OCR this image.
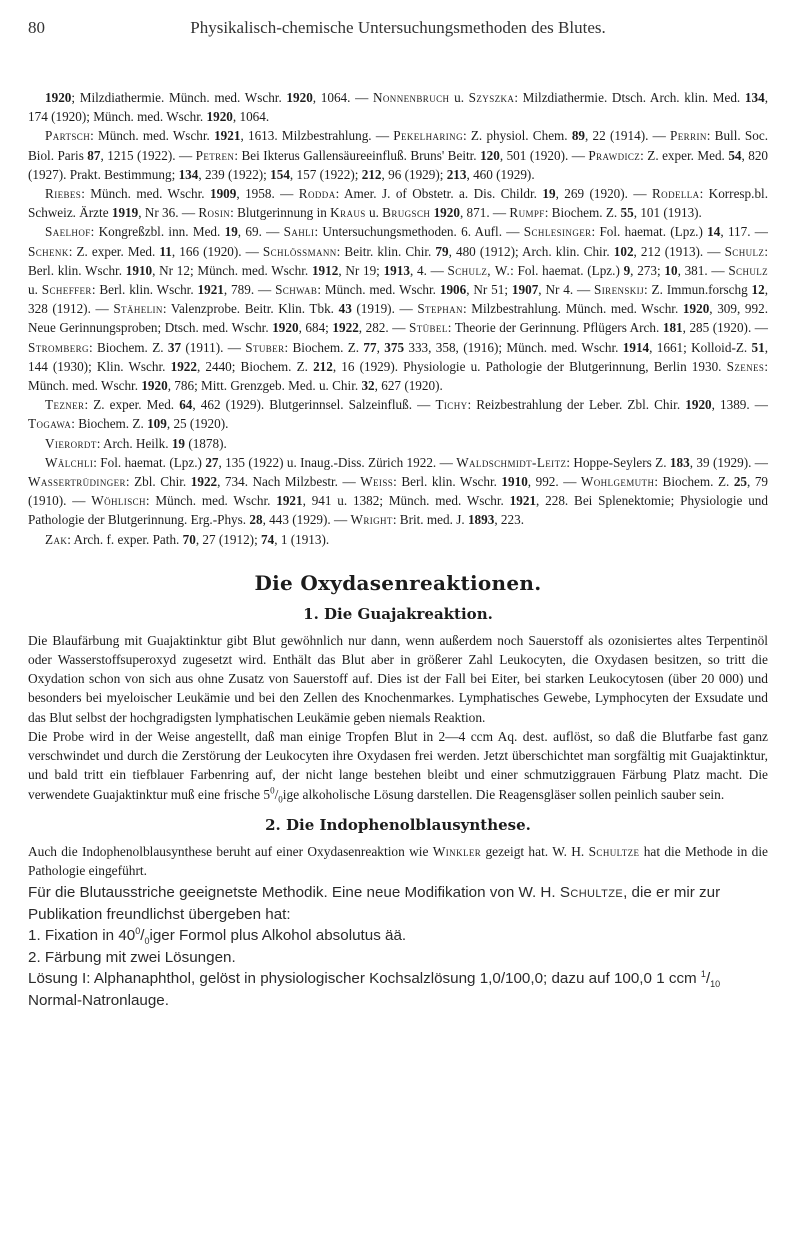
80	Physikalisch-chemische Untersuchungsmethoden des Blutes.

1920; Milzdiathermie. Münch. med. Wschr. 1920, 1064. — Nonnenbruch u. Szyszka: Milzdiathermie. Dtsch. Arch. klin. Med. 134, 174 (1920); Münch. med. Wschr. 1920, 1064.

Partsch: Münch. med. Wschr. 1921, 1613. Milzbestrahlung. — Pekelharing: Z. physiol. Chem. 89, 22 (1914). — Perrin: Bull. Soc. Biol. Paris 87, 1215 (1922). — Petren: Bei Ikterus Gallensäureeinfluß. Bruns' Beitr. 120, 501 (1920). — Prawdicz: Z. exper. Med. 54, 820 (1927). Prakt. Bestimmung; 134, 239 (1922); 154, 157 (1922); 212, 96 (1929); 213, 460 (1929).

Riebes: Münch. med. Wschr. 1909, 1958. — Rodda: Amer. J. of Obstetr. a. Dis. Childr. 19, 269 (1920). — Rodella: Korresp.bl. Schweiz. Ärzte 1919, Nr 36. — Rosin: Blutgerinnung in Kraus u. Brugsch 1920, 871. — Rumpf: Biochem. Z. 55, 101 (1913).

Saelhof: Kongreßzbl. inn. Med. 19, 69. — Sahli: Untersuchungsmethoden. 6. Aufl. — Schlesinger: Fol. haemat. (Lpz.) 14, 117. — Schenk: Z. exper. Med. 11, 166 (1920). — Schlössmann: Beitr. klin. Chir. 79, 480 (1912); Arch. klin. Chir. 102, 212 (1913). — Schulz: Berl. klin. Wschr. 1910, Nr 12; Münch. med. Wschr. 1912, Nr 19; 1913, 4. — Schulz, W.: Fol. haemat. (Lpz.) 9, 273; 10, 381. — Schulz u. Scheffer: Berl. klin. Wschr. 1921, 789. — Schwab: Münch. med. Wschr. 1906, Nr 51; 1907, Nr 4. — Sirenskij: Z. Immun.forschg 12, 328 (1912). — Stähelin: Valenzprobe. Beitr. Klin. Tbk. 43 (1919). — Stephan: Milzbestrahlung. Münch. med. Wschr. 1920, 309, 992. Neue Gerinnungsproben; Dtsch. med. Wschr. 1920, 684; 1922, 282. — Stübel: Theorie der Gerinnung. Pflügers Arch. 181, 285 (1920). — Stromberg: Biochem. Z. 37 (1911). — Stuber: Biochem. Z. 77, 375 333, 358, (1916); Münch. med. Wschr. 1914, 1661; Kolloid-Z. 51, 144 (1930); Klin. Wschr. 1922, 2440; Biochem. Z. 212, 16 (1929). Physiologie u. Pathologie der Blutgerinnung, Berlin 1930. Szenes: Münch. med. Wschr. 1920, 786; Mitt. Grenzgeb. Med. u. Chir. 32, 627 (1920).

Tezner: Z. exper. Med. 64, 462 (1929). Blutgerinnsel. Salzeinfluß. — Tichy: Reizbestrahlung der Leber. Zbl. Chir. 1920, 1389. — Togawa: Biochem. Z. 109, 25 (1920).

Vierordt: Arch. Heilk. 19 (1878).

Wälchli: Fol. haemat. (Lpz.) 27, 135 (1922) u. Inaug.-Diss. Zürich 1922. — Waldschmidt-Leitz: Hoppe-Seylers Z. 183, 39 (1929). — Wassertrüdinger: Zbl. Chir. 1922, 734. Nach Milzbestr. — Weiss: Berl. klin. Wschr. 1910, 992. — Wohlgemuth: Biochem. Z. 25, 79 (1910). — Wöhlisch: Münch. med. Wschr. 1921, 941 u. 1382; Münch. med. Wschr. 1921, 228. Bei Splenektomie; Physiologie und Pathologie der Blutgerinnung. Erg.-Phys. 28, 443 (1929). — Wright: Brit. med. J. 1893, 223.

Zak: Arch. f. exper. Path. 70, 27 (1912); 74, 1 (1913).

Die Oxydasenreaktionen.
1. Die Guajakreaktion.

Die Blaufärbung mit Guajaktinktur gibt Blut gewöhnlich nur dann, wenn außerdem noch Sauerstoff als ozonisiertes altes Terpentinöl oder Wasserstoffsuperoxyd zugesetzt wird. Enthält das Blut aber in größerer Zahl Leukocyten, die Oxydasen besitzen, so tritt die Oxydation schon von sich aus ohne Zusatz von Sauerstoff auf. Dies ist der Fall bei Eiter, bei starken Leukocytosen (über 20 000) und besonders bei myeloischer Leukämie und bei den Zellen des Knochenmarkes. Lymphatisches Gewebe, Lymphocyten der Exsudate und das Blut selbst der hochgradigsten lymphatischen Leukämie geben niemals Reaktion.

Die Probe wird in der Weise angestellt, daß man einige Tropfen Blut in 2—4 ccm Aq. dest. auflöst, so daß die Blutfarbe fast ganz verschwindet und durch die Zerstörung der Leukocyten ihre Oxydasen frei werden. Jetzt überschichtet man sorgfältig mit Guajaktinktur, und bald tritt ein tiefblauer Farbenring auf, der nicht lange bestehen bleibt und einer schmutziggrauen Färbung Platz macht. Die verwendete Guajaktinktur muß eine frische $5^0/_0ige$ alkoholische Lösung darstellen. Die Reagensgläser sollen peinlich sauber sein.

2. Die Indophenolblausynthese.

Auch die Indophenolblausynthese beruht auf einer Oxydasenreaktion wie Winkler gezeigt hat. W. H. Schultze hat die Methode in die Pathologie eingeführt.

Für die Blutausstriche geeignetste Methodik. Eine neue Modifikation von W. H. Schultze, die er mir zur Publikation freundlichst übergeben hat:

1. Fixation in $40^0/_0iger$ Formol plus Alkohol absolutus ää.

2. Färbung mit zwei Lösungen.

Lösung I: Alphanaphthol, gelöst in physiologischer Kochsalzlösung 1,0/100,0; dazu auf 100,0 1 ccm $^1/_{10}$ Normal-Natronlauge.
